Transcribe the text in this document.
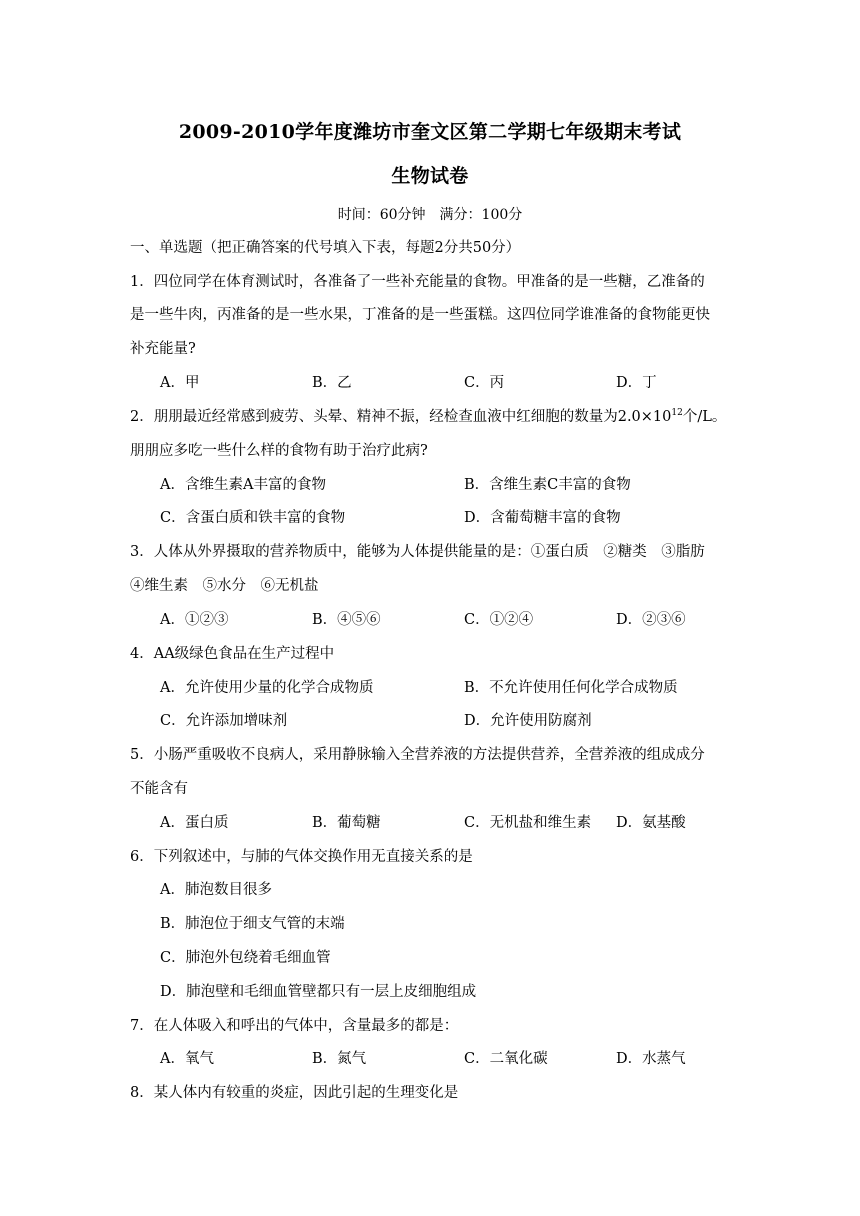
2009-2010学年度潍坊市奎文区第二学期七年级期末考试
生物试卷
时间：60分钟　满分：100分
一、单选题（把正确答案的代号填入下表，每题2分共50分）
1．四位同学在体育测试时，各准备了一些补充能量的食物。甲准备的是一些糖，乙准备的
是一些牛肉，丙准备的是一些水果，丁准备的是一些蛋糕。这四位同学谁准备的食物能更快
补充能量?
A．甲	B．乙	C．丙	D．丁
2．朋朋最近经常感到疲劳、头晕、精神不振，经检查血液中红细胞的数量为$2.0\times 10^{12}$个/L。
朋朋应多吃一些什么样的食物有助于治疗此病?
A．含维生素A丰富的食物	B．含维生素C丰富的食物
C．含蛋白质和铁丰富的食物	D．含葡萄糖丰富的食物
3．人体从外界摄取的营养物质中，能够为人体提供能量的是：①蛋白质　②糖类　③脂肪
④维生素　⑤水分　⑥无机盐
A．①②③	B．④⑤⑥	C．①②④	D．②③⑥
4．AA级绿色食品在生产过程中
A．允许使用少量的化学合成物质	B．不允许使用任何化学合成物质
C．允许添加增味剂	D．允许使用防腐剂
5．小肠严重吸收不良病人，采用静脉输入全营养液的方法提供营养，全营养液的组成成分
不能含有
A．蛋白质	B．葡萄糖	C．无机盐和维生素 D．氨基酸
6．下列叙述中，与肺的气体交换作用无直接关系的是
A．肺泡数目很多
B．肺泡位于细支气管的末端
C．肺泡外包绕着毛细血管
D．肺泡壁和毛细血管壁都只有一层上皮细胞组成
7．在人体吸入和呼出的气体中，含量最多的都是：
A．氧气	B．氮气	C．二氧化碳	D．水蒸气
8．某人体内有较重的炎症，因此引起的生理变化是
